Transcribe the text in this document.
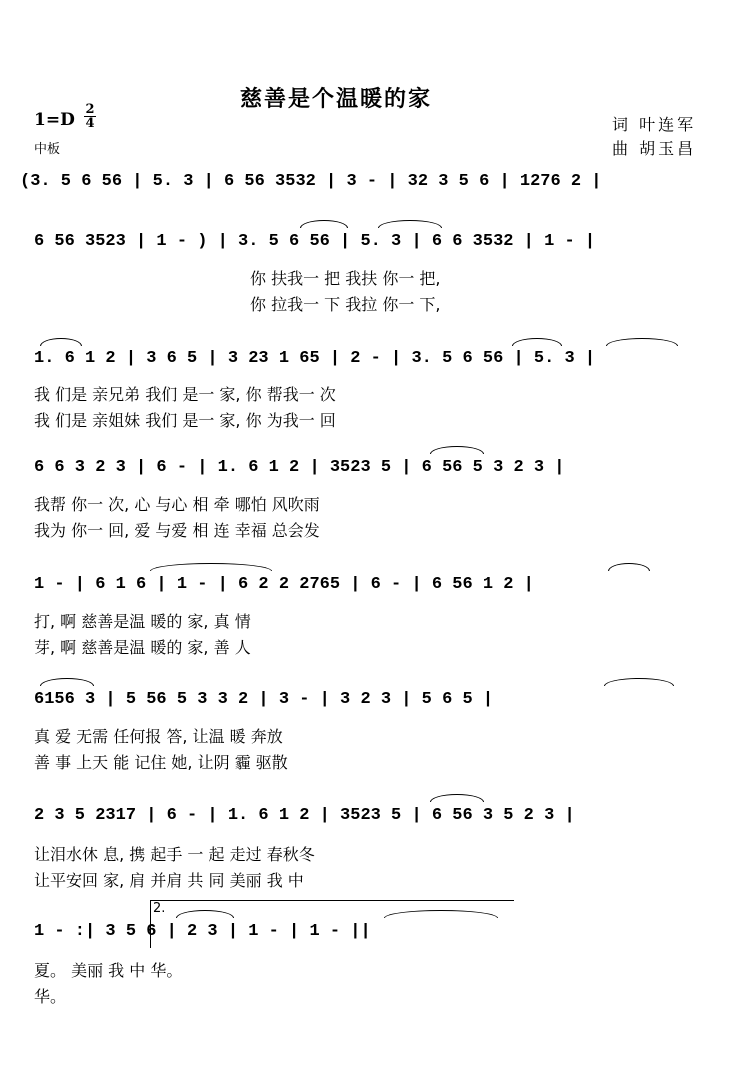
慈善是个温暖的家
$1=D \frac{2}{4}$
中板
词 叶连军
曲 胡玉昌
(3. 5 6 56 | 5. 3 | 6 56 3532 | 3 - | 32 3 5 6 | 1276 2 |
6 56 3523 | 1 - ) | 3. 5 6 56 | 5. 3 | 6 6 3532 | 1 - |
你 扶我一 把 我扶 你一 把,
你 拉我一 下 我拉 你一 下,
1. 6 1 2 | 3 6 5 | 3 23 1 65 | 2 - | 3. 5 6 56 | 5. 3 |
我 们是 亲兄弟 我们 是一 家, 你 帮我一 次
我 们是 亲姐妹 我们 是一 家, 你 为我一 回
6 6 3 2 3 | 6 - | 1. 6 1 2 | 3523 5 | 6 56 5 3 2 3 |
我帮 你一 次, 心 与心 相 牵 哪怕 风吹雨
我为 你一 回, 爱 与爱 相 连 幸福 总会发
1 - | 6 1 6 | 1 - | 6 2 2 2765 | 6 - | 6 56 1 2 |
打, 啊 慈善是温 暖的 家, 真 情
芽, 啊 慈善是温 暖的 家, 善 人
6156 3 | 5 56 5 3 3 2 | 3 - | 3 2 3 | 5 6 5 |
真 爱 无需 任何报 答, 让温 暖 奔放
善 事 上天 能 记住 她, 让阴 霾 驱散
2 3 5 2317 | 6 - | 1. 6 1 2 | 3523 5 | 6 56 3 5 2 3 |
让泪水休 息, 携 起手 一 起 走过 春秋冬
让平安回 家, 肩 并肩 共 同 美丽 我 中
2.
1 - :| 3 5 6 | 2 3 | 1 - | 1 - ||
夏。 美丽 我 中 华。
华。
